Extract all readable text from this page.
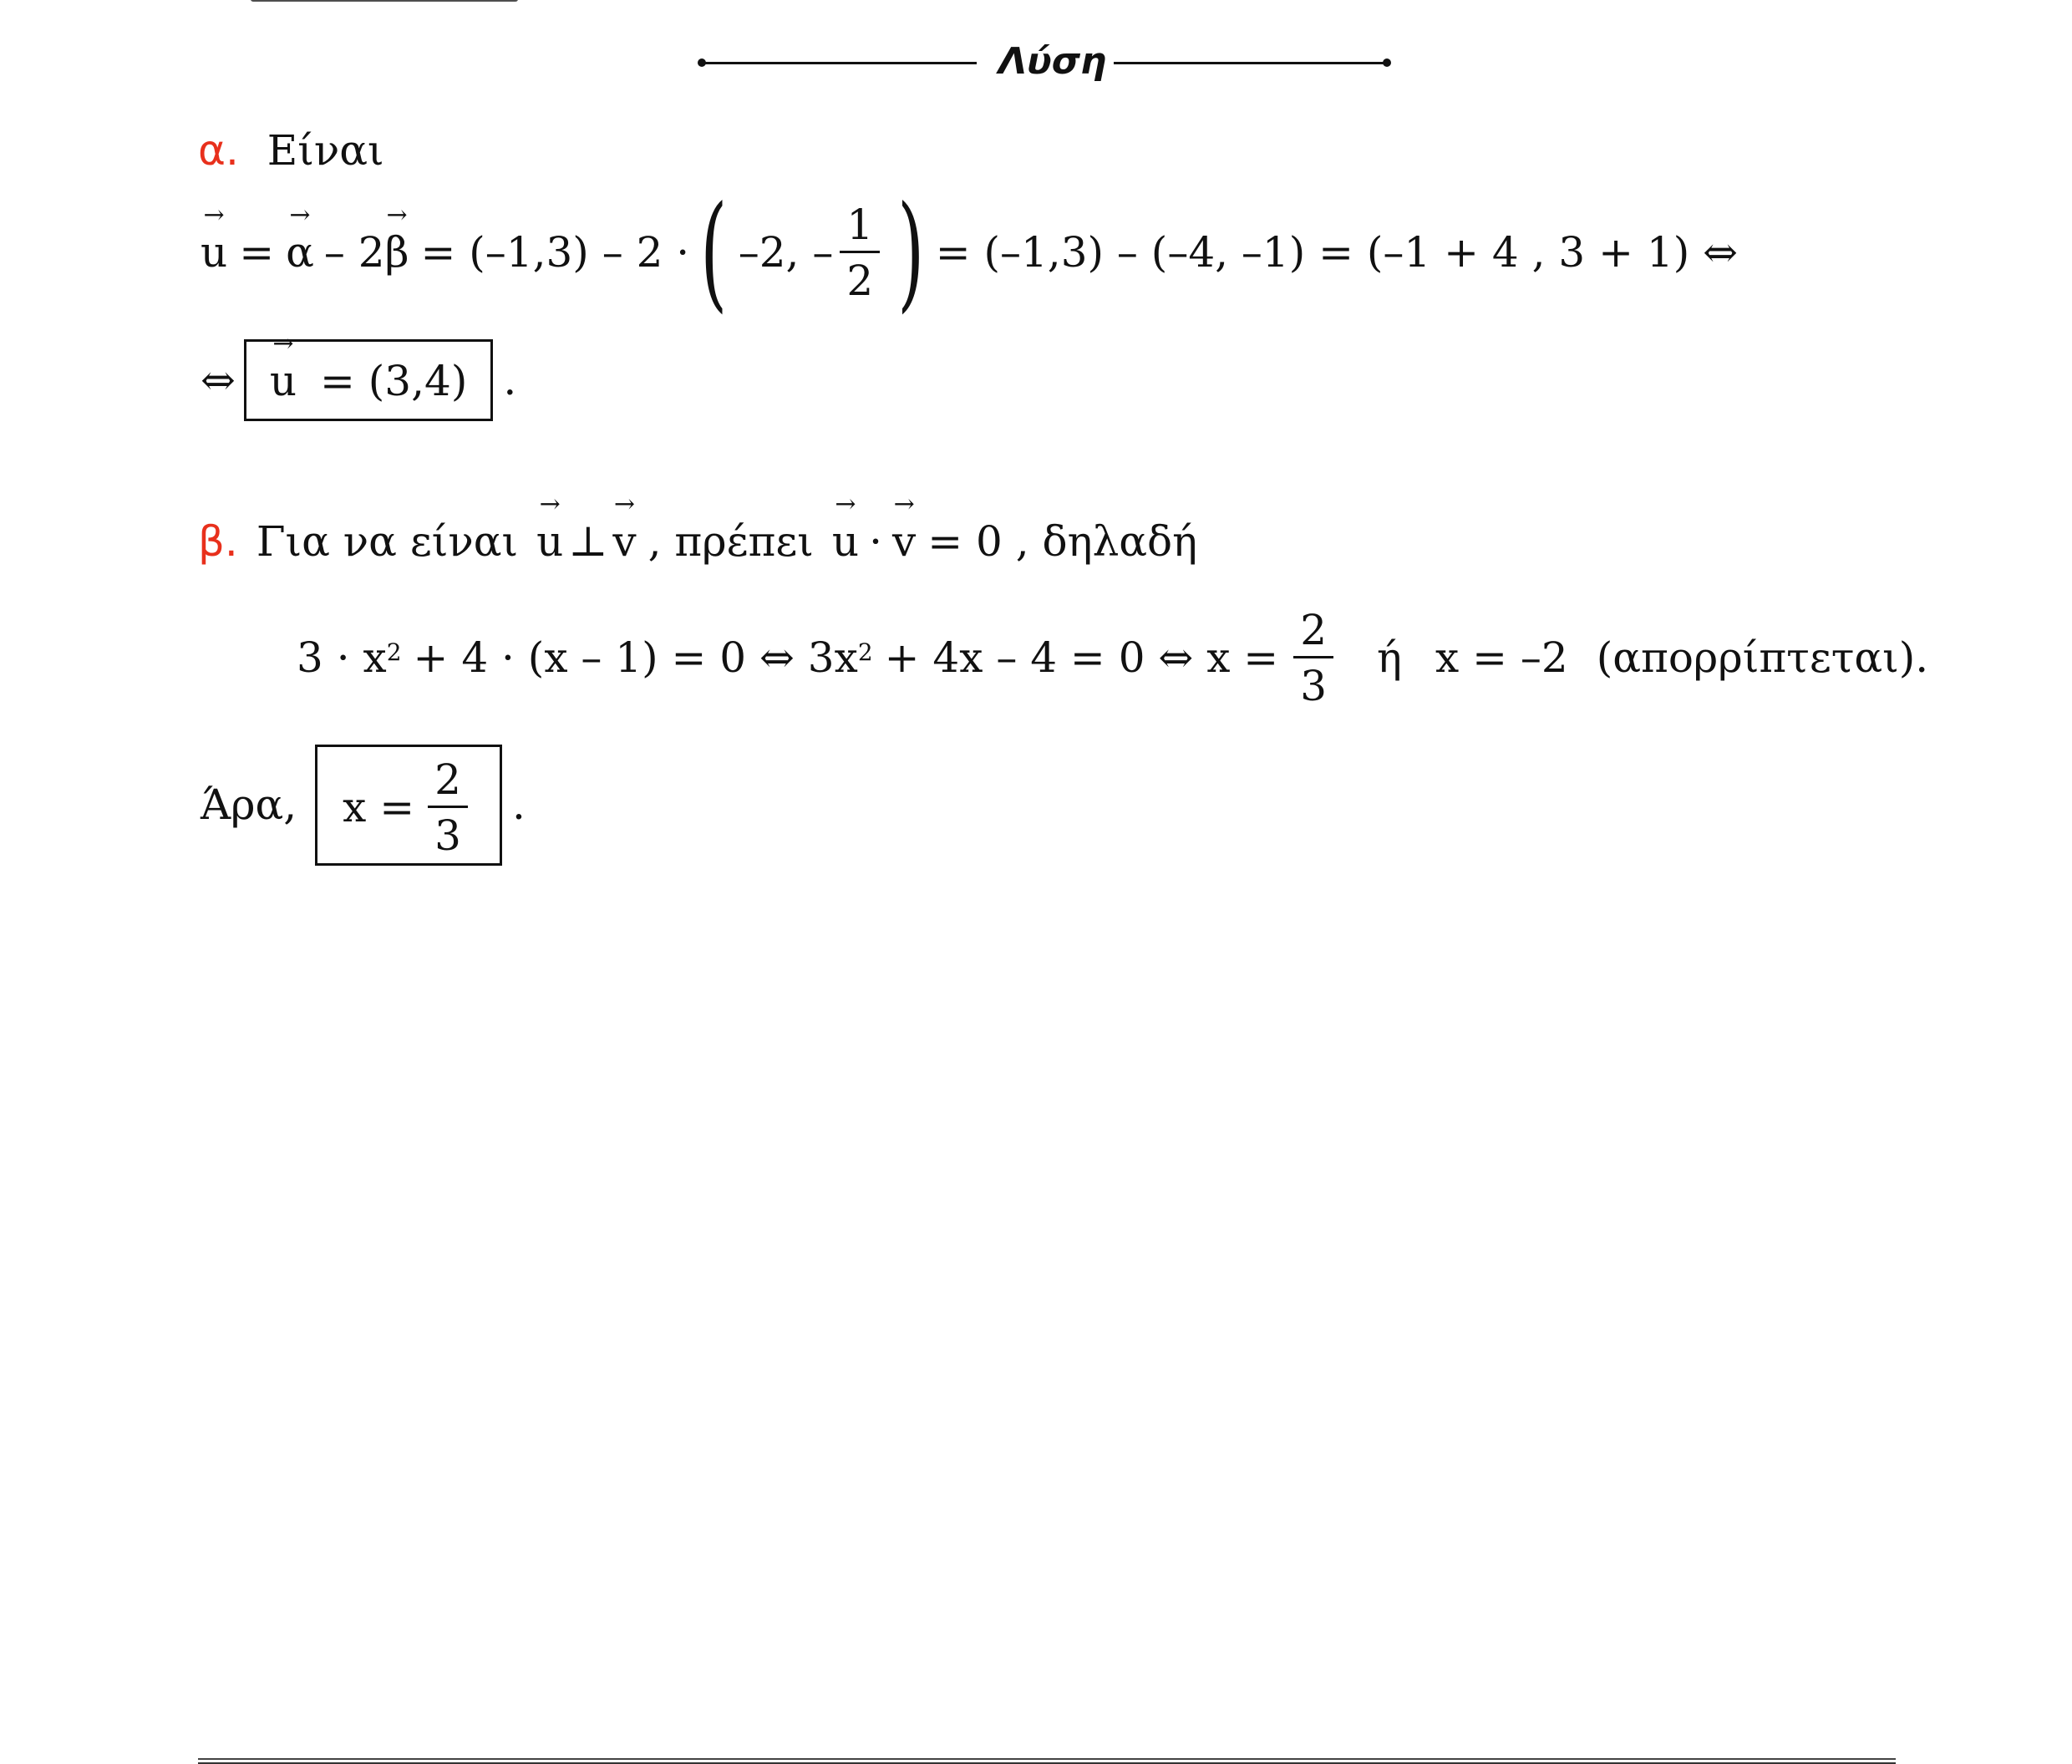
Λύση
α. Είναι
→ u = → α – 2 → β = (–1,3) – 2 · ( –2, – $\frac{1}{2}$ ) = (–1,3) – (–4, –1) = (–1 + 4 , 3 + 1) ⇔
⇔ → u = (3,4) .
β. Για να είναι → u ⊥ → v , πρέπει → u · → v = 0 , δηλαδή
$3 \cdot x^2 + 4 \cdot (x - 1) = 0$ ⇔ $3x^2 + 4x - 4 = 0$ ⇔ $x = \frac{2}{3}$ ή x = –2 (απορρίπτεται).
Άρα, $x = \frac{2}{3}$ .
